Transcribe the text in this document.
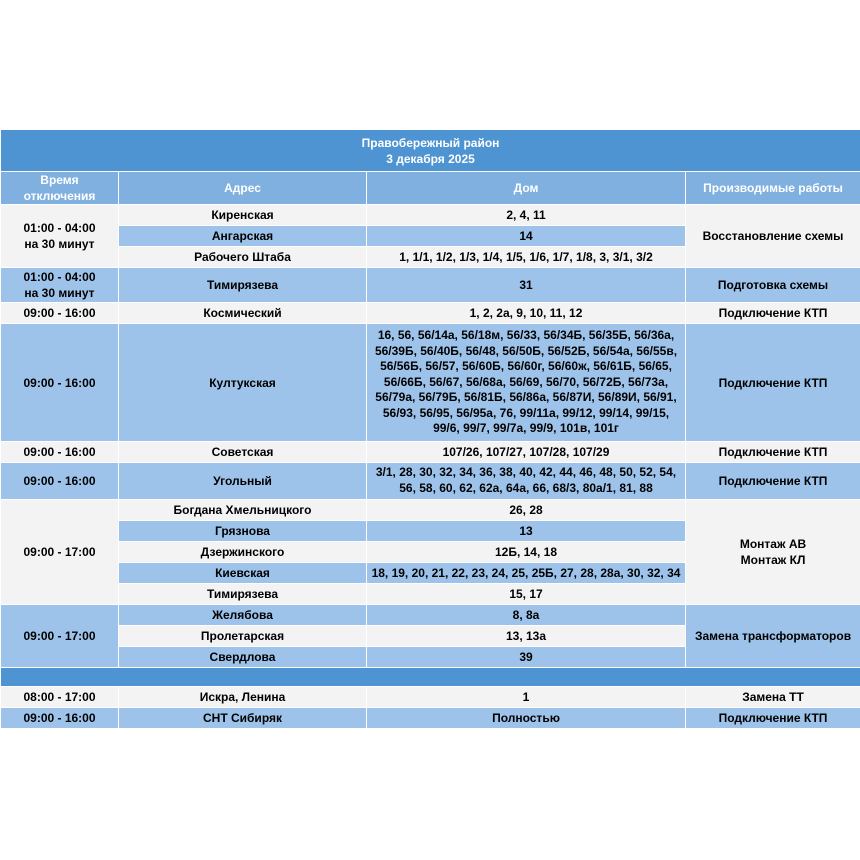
Правобережный район
3 декабря 2025			

Время отключения	Адрес	Дом	Производимые работы

01:00 - 04:00
на 30 минут	Киренская	2, 4, 11	Восстановление схемы
	Ангарская	14	
	Рабочего Штаба	1, 1/1, 1/2, 1/3, 1/4, 1/5, 1/6, 1/7, 1/8, 3, 3/1, 3/2	

01:00 - 04:00
на 30 минут	Тимирязева	31	Подготовка схемы
09:00 - 16:00	Космический	1, 2, 2а, 9, 10, 11, 12	Подключение КТП
09:00 - 16:00	Култукская	16, 56, 56/14а, 56/18м, 56/33, 56/34Б, 56/35Б, 56/36а, 56/39Б, 56/40Б, 56/48, 56/50Б, 56/52Б, 56/54а, 56/55в, 56/56Б, 56/57, 56/60Б, 56/60г, 56/60ж, 56/61Б, 56/65, 56/66Б, 56/67, 56/68а, 56/69, 56/70, 56/72Б, 56/73а, 56/79а, 56/79Б, 56/81Б, 56/86а, 56/87И, 56/89И, 56/91, 56/93, 56/95, 56/95а, 76, 99/11а, 99/12, 99/14, 99/15, 99/6, 99/7, 99/7а, 99/9, 101в, 101г	Подключение КТП
09:00 - 16:00	Советская	107/26, 107/27, 107/28, 107/29	Подключение КТП
09:00 - 16:00	Угольный	3/1, 28, 30, 32, 34, 36, 38, 40, 42, 44, 46, 48, 50, 52, 54, 56, 58, 60, 62, 62а, 64а, 66, 68/3, 80а/1, 81, 88	Подключение КТП
09:00 - 17:00	Богдана Хмельницкого	26, 28	Монтаж АВ
Монтаж КЛ

	Грязнова	13	
	Дзержинского	12Б, 14, 18	
	Киевская	18, 19, 20, 21, 22, 23, 24, 25, 25Б, 27, 28, 28а, 30, 32, 34	
	Тимирязева	15, 17	
09:00 - 17:00	Желябова	8, 8а	Замена трансформаторов
	Пролетарская	13, 13а	
	Свердлова	39	

08:00 - 17:00	Искра, Ленина	1	Замена ТТ
09:00 - 16:00	СНТ Сибиряк	Полностью	Подключение КТП
